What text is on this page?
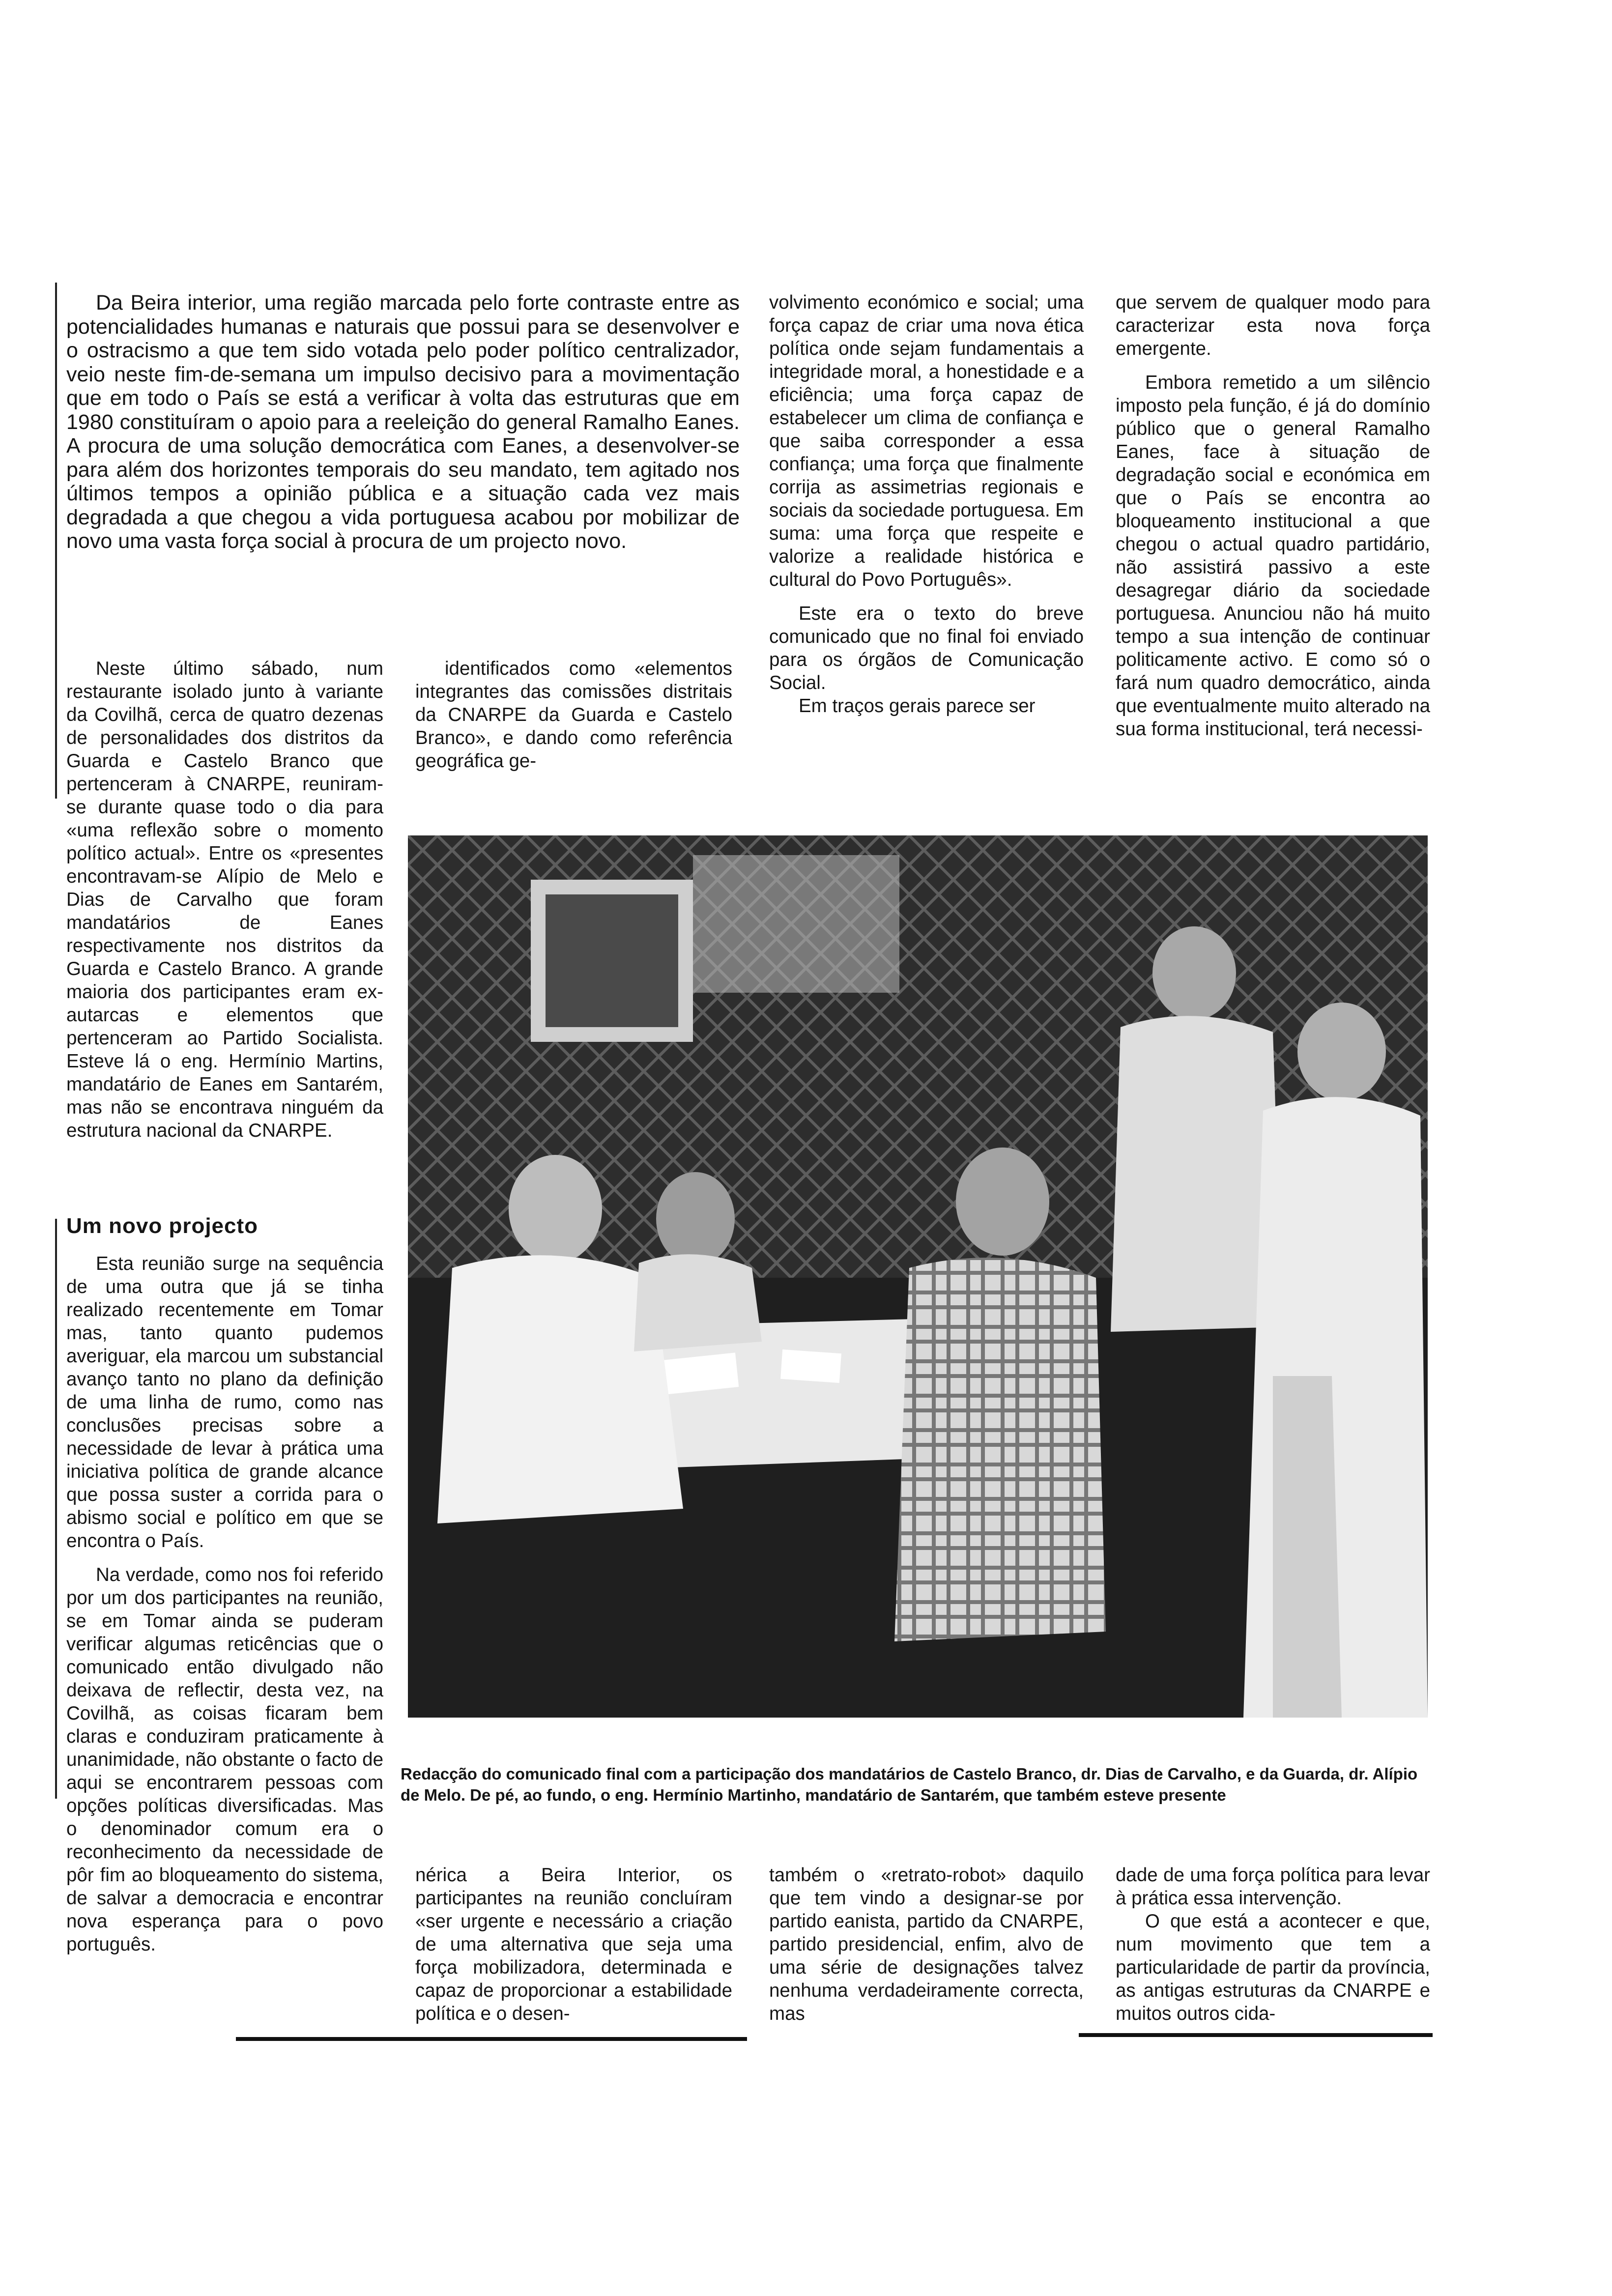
Da Beira interior, uma região marcada pelo forte contraste entre as potencialidades humanas e naturais que possui para se desenvolver e o ostracismo a que tem sido votada pelo poder político centralizador, veio neste fim-de-semana um impulso decisivo para a movimentação que em todo o País se está a verificar à volta das estruturas que em 1980 constituíram o apoio para a reeleição do general Ramalho Eanes. A procura de uma solução democrática com Eanes, a desenvolver-se para além dos horizontes temporais do seu mandato, tem agitado nos últimos tempos a opinião pública e a situação cada vez mais degradada a que chegou a vida portuguesa acabou por mobilizar de novo uma vasta força social à procura de um projecto novo.

Neste último sábado, num restaurante isolado junto à variante da Covilhã, cerca de quatro dezenas de personalidades dos distritos da Guarda e Castelo Branco que pertenceram à CNARPE, reuniram-se durante quase todo o dia para «uma reflexão sobre o momento político actual». Entre os «presentes encontravam-se Alípio de Melo e Dias de Carvalho que foram mandatários de Eanes respectivamente nos distritos da Guarda e Castelo Branco. A grande maioria dos participantes eram ex-autarcas e elementos que pertenceram ao Partido Socialista. Esteve lá o eng. Hermínio Martins, mandatário de Eanes em Santarém, mas não se encontrava ninguém da estrutura nacional da CNARPE.

Um novo projecto

Esta reunião surge na sequência de uma outra que já se tinha realizado recentemente em Tomar mas, tanto quanto pudemos averiguar, ela marcou um substancial avanço tanto no plano da definição de uma linha de rumo, como nas conclusões precisas sobre a necessidade de levar à prática uma iniciativa política de grande alcance que possa suster a corrida para o abismo social e político em que se encontra o País.

Na verdade, como nos foi referido por um dos participantes na reunião, se em Tomar ainda se puderam verificar algumas reticências que o comunicado então divulgado não deixava de reflectir, desta vez, na Covilhã, as coisas ficaram bem claras e conduziram praticamente à unanimidade, não obstante o facto de aqui se encontrarem pessoas com opções políticas diversificadas. Mas o denominador comum era o reconhecimento da necessidade de pôr fim ao bloqueamento do sistema, de salvar a democracia e encontrar nova esperança para o povo português.

identificados como «elementos integrantes das comissões distritais da CNARPE da Guarda e Castelo Branco», e dando como referência geográfica ge-

nérica a Beira Interior, os participantes na reunião concluíram «ser urgente e necessário a criação de uma alternativa que seja uma força mobilizadora, determinada e capaz de proporcionar a estabilidade política e o desen-

volvimento económico e social; uma força capaz de criar uma nova ética política onde sejam fundamentais a integridade moral, a honestidade e a eficiência; uma força capaz de estabelecer um clima de confiança e que saiba corresponder a essa confiança; uma força que finalmente corrija as assimetrias regionais e sociais da sociedade portuguesa. Em suma: uma força que respeite e valorize a realidade histórica e cultural do Povo Português».

Este era o texto do breve comunicado que no final foi enviado para os órgãos de Comunicação Social.

Em traços gerais parece ser

também o «retrato-robot» daquilo que tem vindo a designar-se por partido eanista, partido da CNARPE, partido presidencial, enfim, alvo de uma série de designações talvez nenhuma verdadeiramente correcta, mas

que servem de qualquer modo para caracterizar esta nova força emergente.

Embora remetido a um silêncio imposto pela função, é já do domínio público que o general Ramalho Eanes, face à situação de degradação social e económica em que o País se encontra ao bloqueamento institucional a que chegou o actual quadro partidário, não assistirá passivo a este desagregar diário da sociedade portuguesa. Anunciou não há muito tempo a sua intenção de continuar politicamente activo. E como só o fará num quadro democrático, ainda que eventualmente muito alterado na sua forma institucional, terá necessi-

dade de uma força política para levar à prática essa intervenção.

O que está a acontecer e que, num movimento que tem a particularidade de partir da província, as antigas estruturas da CNARPE e muitos outros cida-

Redacção do comunicado final com a participação dos mandatários de Castelo Branco, dr. Dias de Carvalho, e da Guarda, dr. Alípio de Melo. De pé, ao fundo, o eng. Hermínio Martinho, mandatário de Santarém, que também esteve presente
